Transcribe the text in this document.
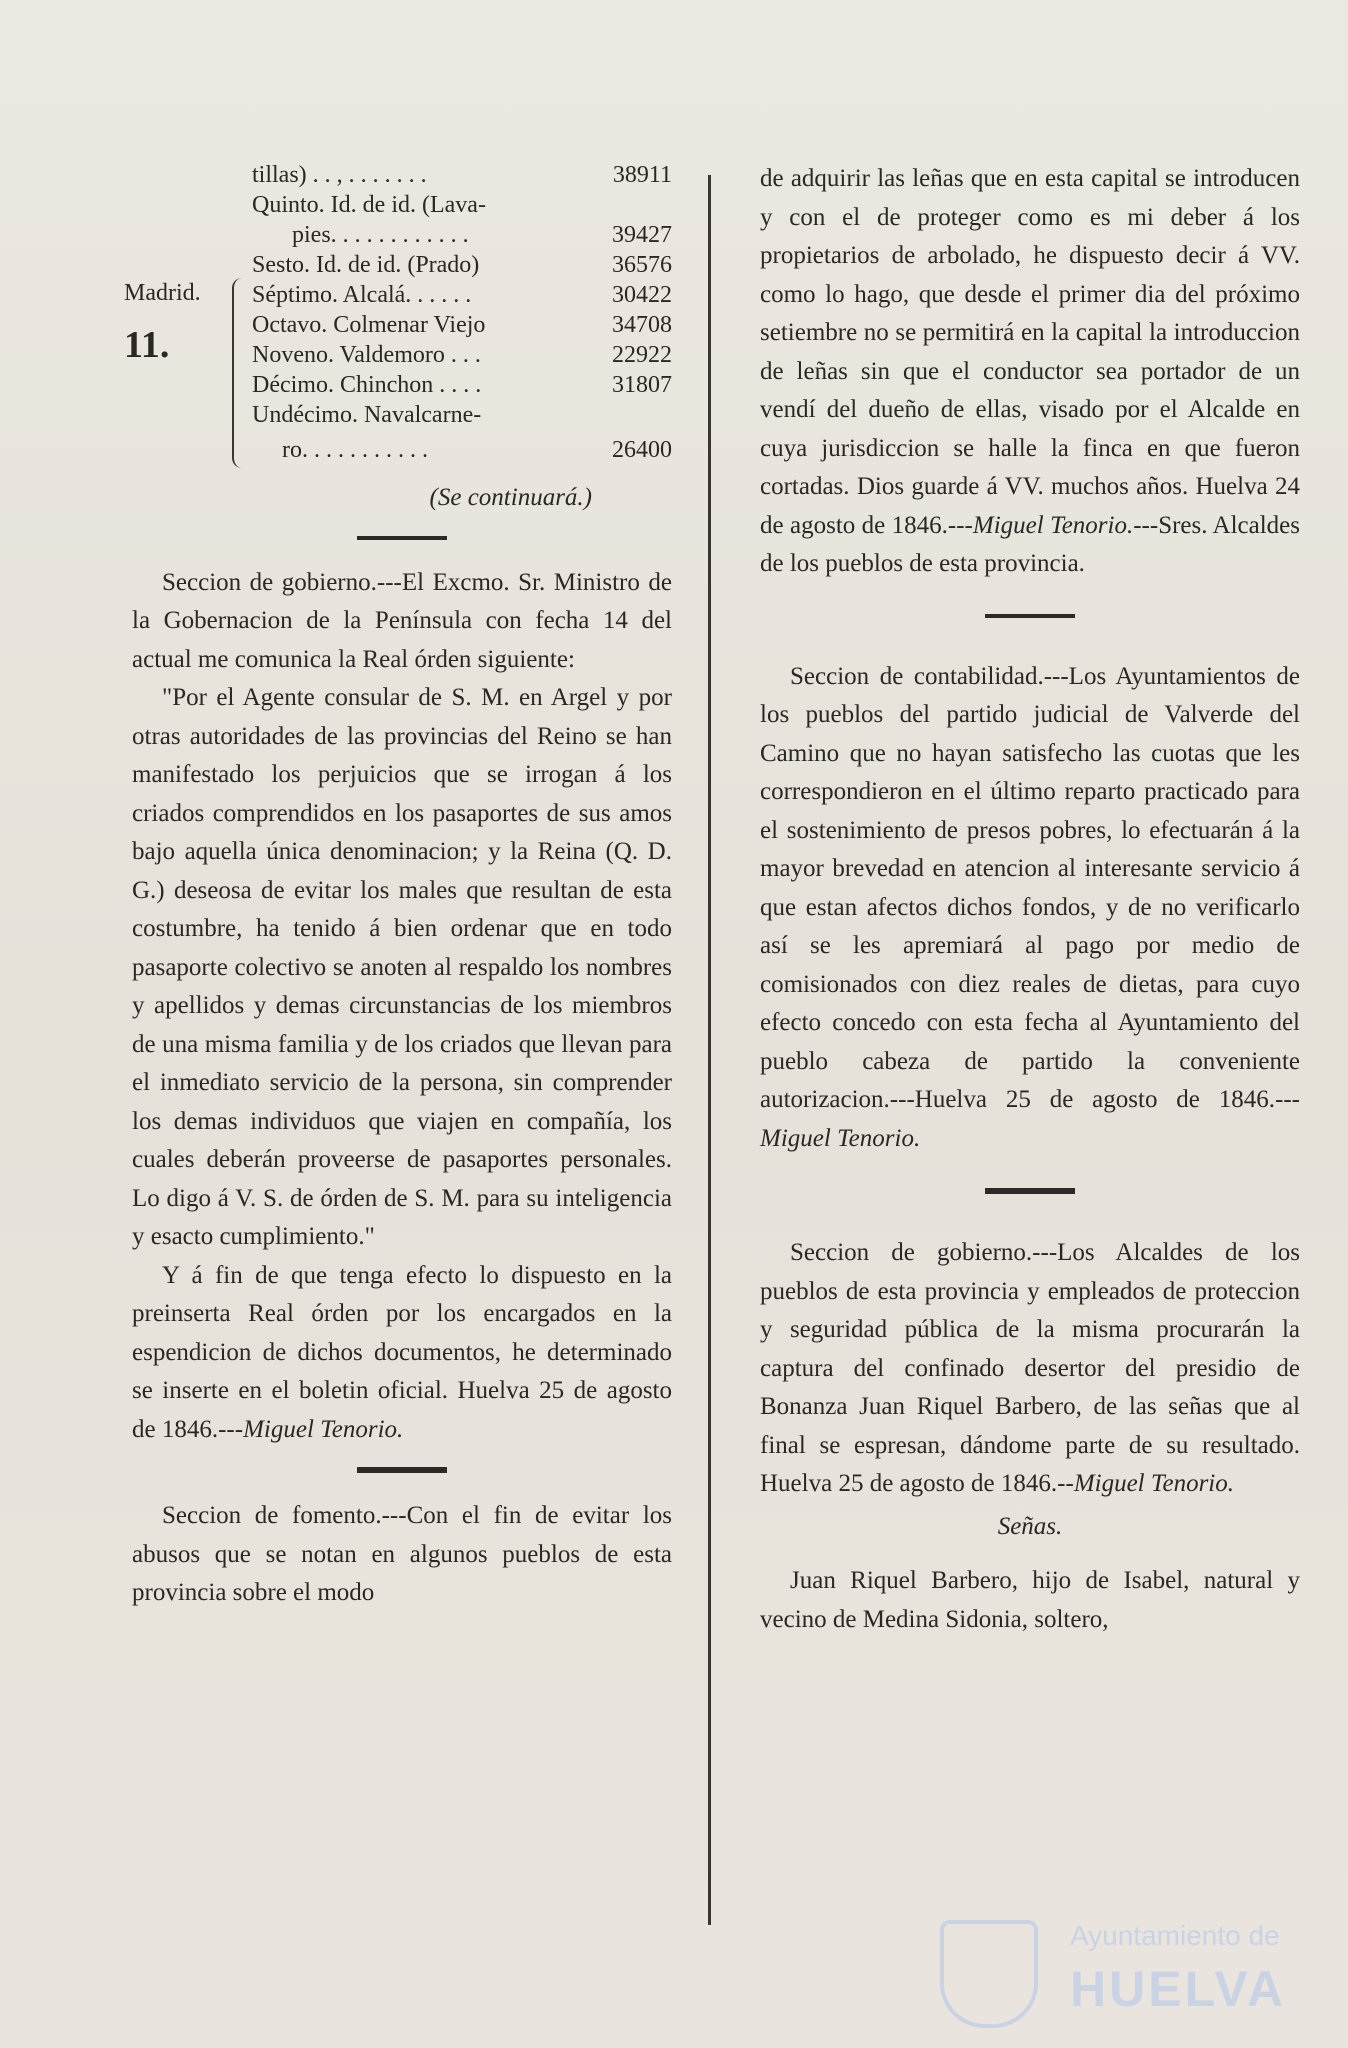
tillas) . . , . . . . . . .	38911
Quinto. Id. de id. (Lava-
pies. . . . . . . . . . . .	39427
Sesto. Id. de id. (Prado)	36576
Séptimo. Alcalá. . . . . .	30422
Octavo. Colmenar Viejo	34708
Noveno. Valdemoro . . .	22922
Décimo. Chinchon . . . .	31807
Undécimo. Navalcarne-
ro. . . . . . . . . . .	26400
Madrid.
11.

(Se continuará.)

Seccion de gobierno.---El Excmo. Sr. Ministro de la Gobernacion de la Península con fecha 14 del actual me comunica la Real órden siguiente:

"Por el Agente consular de S. M. en Argel y por otras autoridades de las provincias del Reino se han manifestado los perjuicios que se irrogan á los criados comprendidos en los pasaportes de sus amos bajo aquella única denominacion; y la Reina (Q. D. G.) deseosa de evitar los males que resultan de esta costumbre, ha tenido á bien ordenar que en todo pasaporte colectivo se anoten al respaldo los nombres y apellidos y demas circunstancias de los miembros de una misma familia y de los criados que llevan para el inmediato servicio de la persona, sin comprender los demas individuos que viajen en compañía, los cuales deberán proveerse de pasaportes personales. Lo digo á V. S. de órden de S. M. para su inteligencia y esacto cumplimiento."

Y á fin de que tenga efecto lo dispuesto en la preinserta Real órden por los encargados en la espendicion de dichos documentos, he determinado se inserte en el boletin oficial. Huelva 25 de agosto de 1846.---Miguel Tenorio.

Seccion de fomento.---Con el fin de evitar los abusos que se notan en algunos pueblos de esta provincia sobre el modo

de adquirir las leñas que en esta capital se introducen y con el de proteger como es mi deber á los propietarios de arbolado, he dispuesto decir á VV. como lo hago, que desde el primer dia del próximo setiembre no se permitirá en la capital la introduccion de leñas sin que el conductor sea portador de un vendí del dueño de ellas, visado por el Alcalde en cuya jurisdiccion se halle la finca en que fueron cortadas. Dios guarde á VV. muchos años. Huelva 24 de agosto de 1846.---Miguel Tenorio.---Sres. Alcaldes de los pueblos de esta provincia.

Seccion de contabilidad.---Los Ayuntamientos de los pueblos del partido judicial de Valverde del Camino que no hayan satisfecho las cuotas que les correspondieron en el último reparto practicado para el sostenimiento de presos pobres, lo efectuarán á la mayor brevedad en atencion al interesante servicio á que estan afectos dichos fondos, y de no verificarlo así se les apremiará al pago por medio de comisionados con diez reales de dietas, para cuyo efecto concedo con esta fecha al Ayuntamiento del pueblo cabeza de partido la conveniente autorizacion.---Huelva 25 de agosto de 1846.---Miguel Tenorio.

Seccion de gobierno.---Los Alcaldes de los pueblos de esta provincia y empleados de proteccion y seguridad pública de la misma procurarán la captura del confinado desertor del presidio de Bonanza Juan Riquel Barbero, de las señas que al final se espresan, dándome parte de su resultado. Huelva 25 de agosto de 1846.--Miguel Tenorio.

Señas.

Juan Riquel Barbero, hijo de Isabel, natural y vecino de Medina Sidonia, soltero,

Ayuntamiento de
HUELVA
